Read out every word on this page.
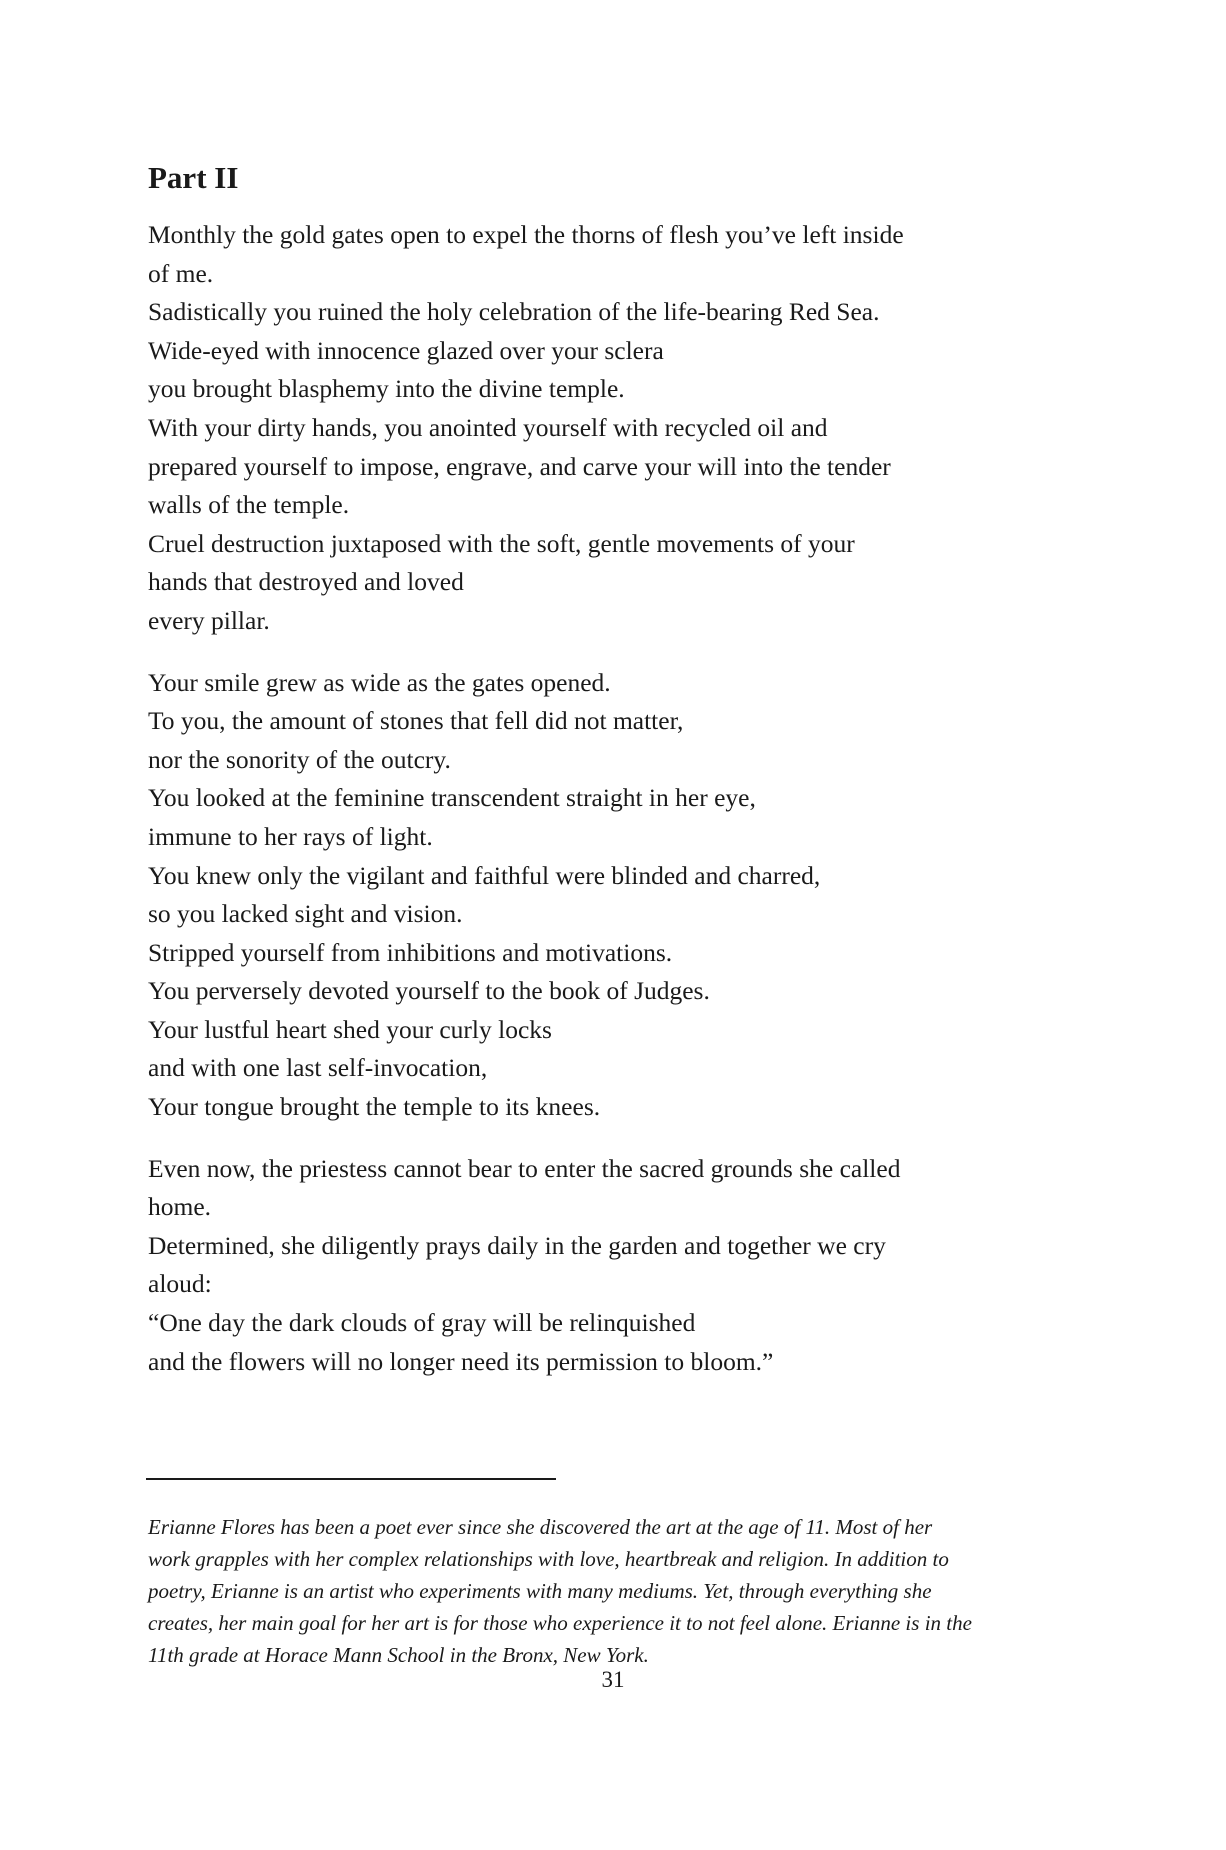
Part II

Monthly the gold gates open to expel the thorns of flesh you’ve left inside
of me.
Sadistically you ruined the holy celebration of the life-bearing Red Sea.
Wide-eyed with innocence glazed over your sclera
you brought blasphemy into the divine temple.
With your dirty hands, you anointed yourself with recycled oil and
prepared yourself to impose, engrave, and carve your will into the tender
walls of the temple.
Cruel destruction juxtaposed with the soft, gentle movements of your
hands that destroyed and loved
every pillar.

Your smile grew as wide as the gates opened.
To you, the amount of stones that fell did not matter,
nor the sonority of the outcry.
You looked at the feminine transcendent straight in her eye,
immune to her rays of light.
You knew only the vigilant and faithful were blinded and charred,
so you lacked sight and vision.
Stripped yourself from inhibitions and motivations.
You perversely devoted yourself to the book of Judges.
Your lustful heart shed your curly locks
and with one last self-invocation,
Your tongue brought the temple to its knees.

Even now, the priestess cannot bear to enter the sacred grounds she called
home.
Determined, she diligently prays daily in the garden and together we cry
aloud:
“One day the dark clouds of gray will be relinquished
and the flowers will no longer need its permission to bloom.”

Erianne Flores has been a poet ever since she discovered the art at the age of 11. Most of her
work grapples with her complex relationships with love, heartbreak and religion. In addition to
poetry, Erianne is an artist who experiments with many mediums. Yet, through everything she
creates, her main goal for her art is for those who experience it to not feel alone. Erianne is in the
11th grade at Horace Mann School in the Bronx, New York.
31
